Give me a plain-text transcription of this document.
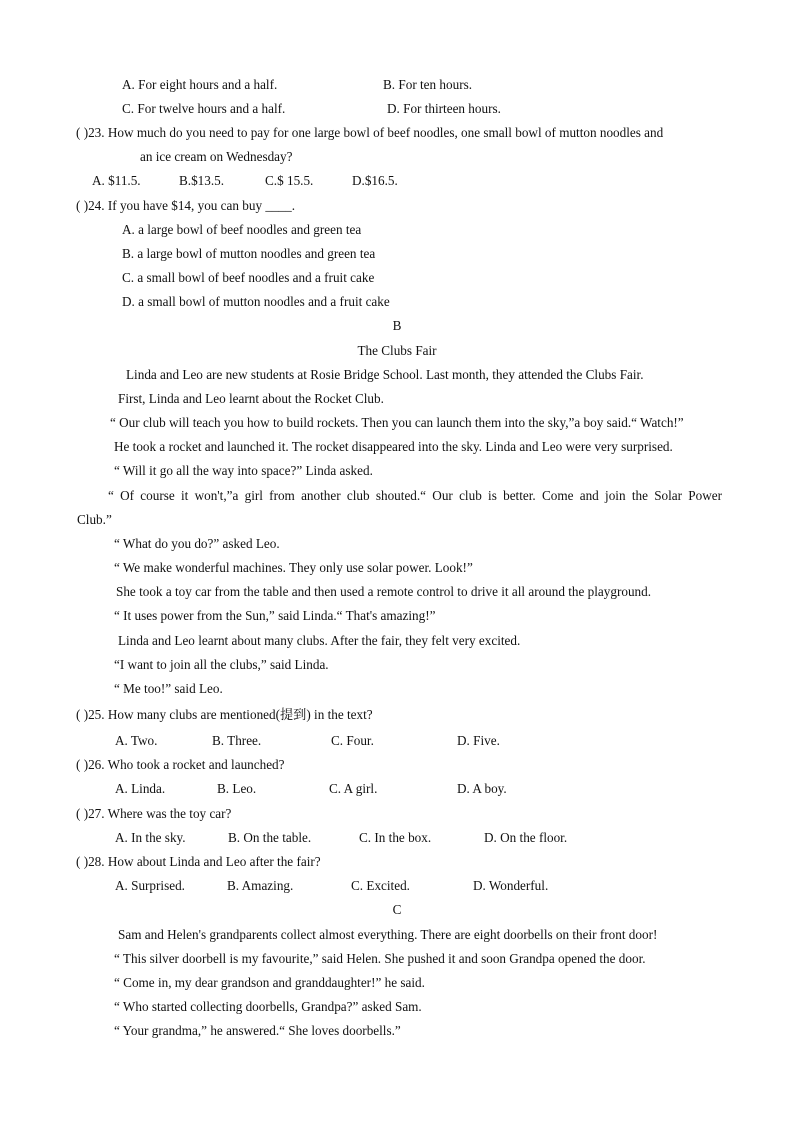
A. For eight hours and a half.	B. For ten hours.
C. For twelve hours and a half.	D. For thirteen hours.
( )23. How much do you need to pay for one large bowl of beef noodles, one small bowl of mutton noodles and
an ice cream on Wednesday?
A. $11.5.	B.$13.5.	C.$ 15.5.	D.$16.5.
( )24. If you have $14, you can buy ____.
A. a large bowl of beef noodles and green tea
B. a large bowl of mutton noodles and green tea
C. a small bowl of beef noodles and a fruit cake
D. a small bowl of mutton noodles and a fruit cake
B
The Clubs Fair
Linda and Leo are new students at Rosie Bridge School. Last month, they attended the Clubs Fair.
First, Linda and Leo learnt about the Rocket Club.
“ Our club will teach you how to build rockets. Then you can launch them into the sky,”a boy said.“ Watch!”
He took a rocket and launched it. The rocket disappeared into the sky. Linda and Leo were very surprised.
“ Will it go all the way into space?” Linda asked.
“ Of course it won't,”a girl from another club shouted.“ Our club is better. Come and join the Solar Power
Club.”
“ What do you do?” asked Leo.
“ We make wonderful machines. They only use solar power. Look!”
She took a toy car from the table and then used a remote control to drive it all around the playground.
“ It uses power from the Sun,” said Linda.“ That's amazing!”
Linda and Leo learnt about many clubs. After the fair, they felt very excited.
“I want to join all the clubs,” said Linda.
“ Me too!” said Leo.
( )25. How many clubs are mentioned(提到) in the text?
A. Two.	B. Three.	C. Four.	D. Five.
( )26. Who took a rocket and launched?
A. Linda.	B. Leo.	C. A girl.	D. A boy.
( )27. Where was the toy car?
A. In the sky.	B. On the table.	C. In the box.	D. On the floor.
( )28. How about Linda and Leo after the fair?
A. Surprised.	B. Amazing.	C. Excited.	D. Wonderful.
C
Sam and Helen's grandparents collect almost everything. There are eight doorbells on their front door!
“ This silver doorbell is my favourite,” said Helen. She pushed it and soon Grandpa opened the door.
“ Come in, my dear grandson and granddaughter!” he said.
“ Who started collecting doorbells, Grandpa?” asked Sam.
“ Your grandma,” he answered.“ She loves doorbells.”
